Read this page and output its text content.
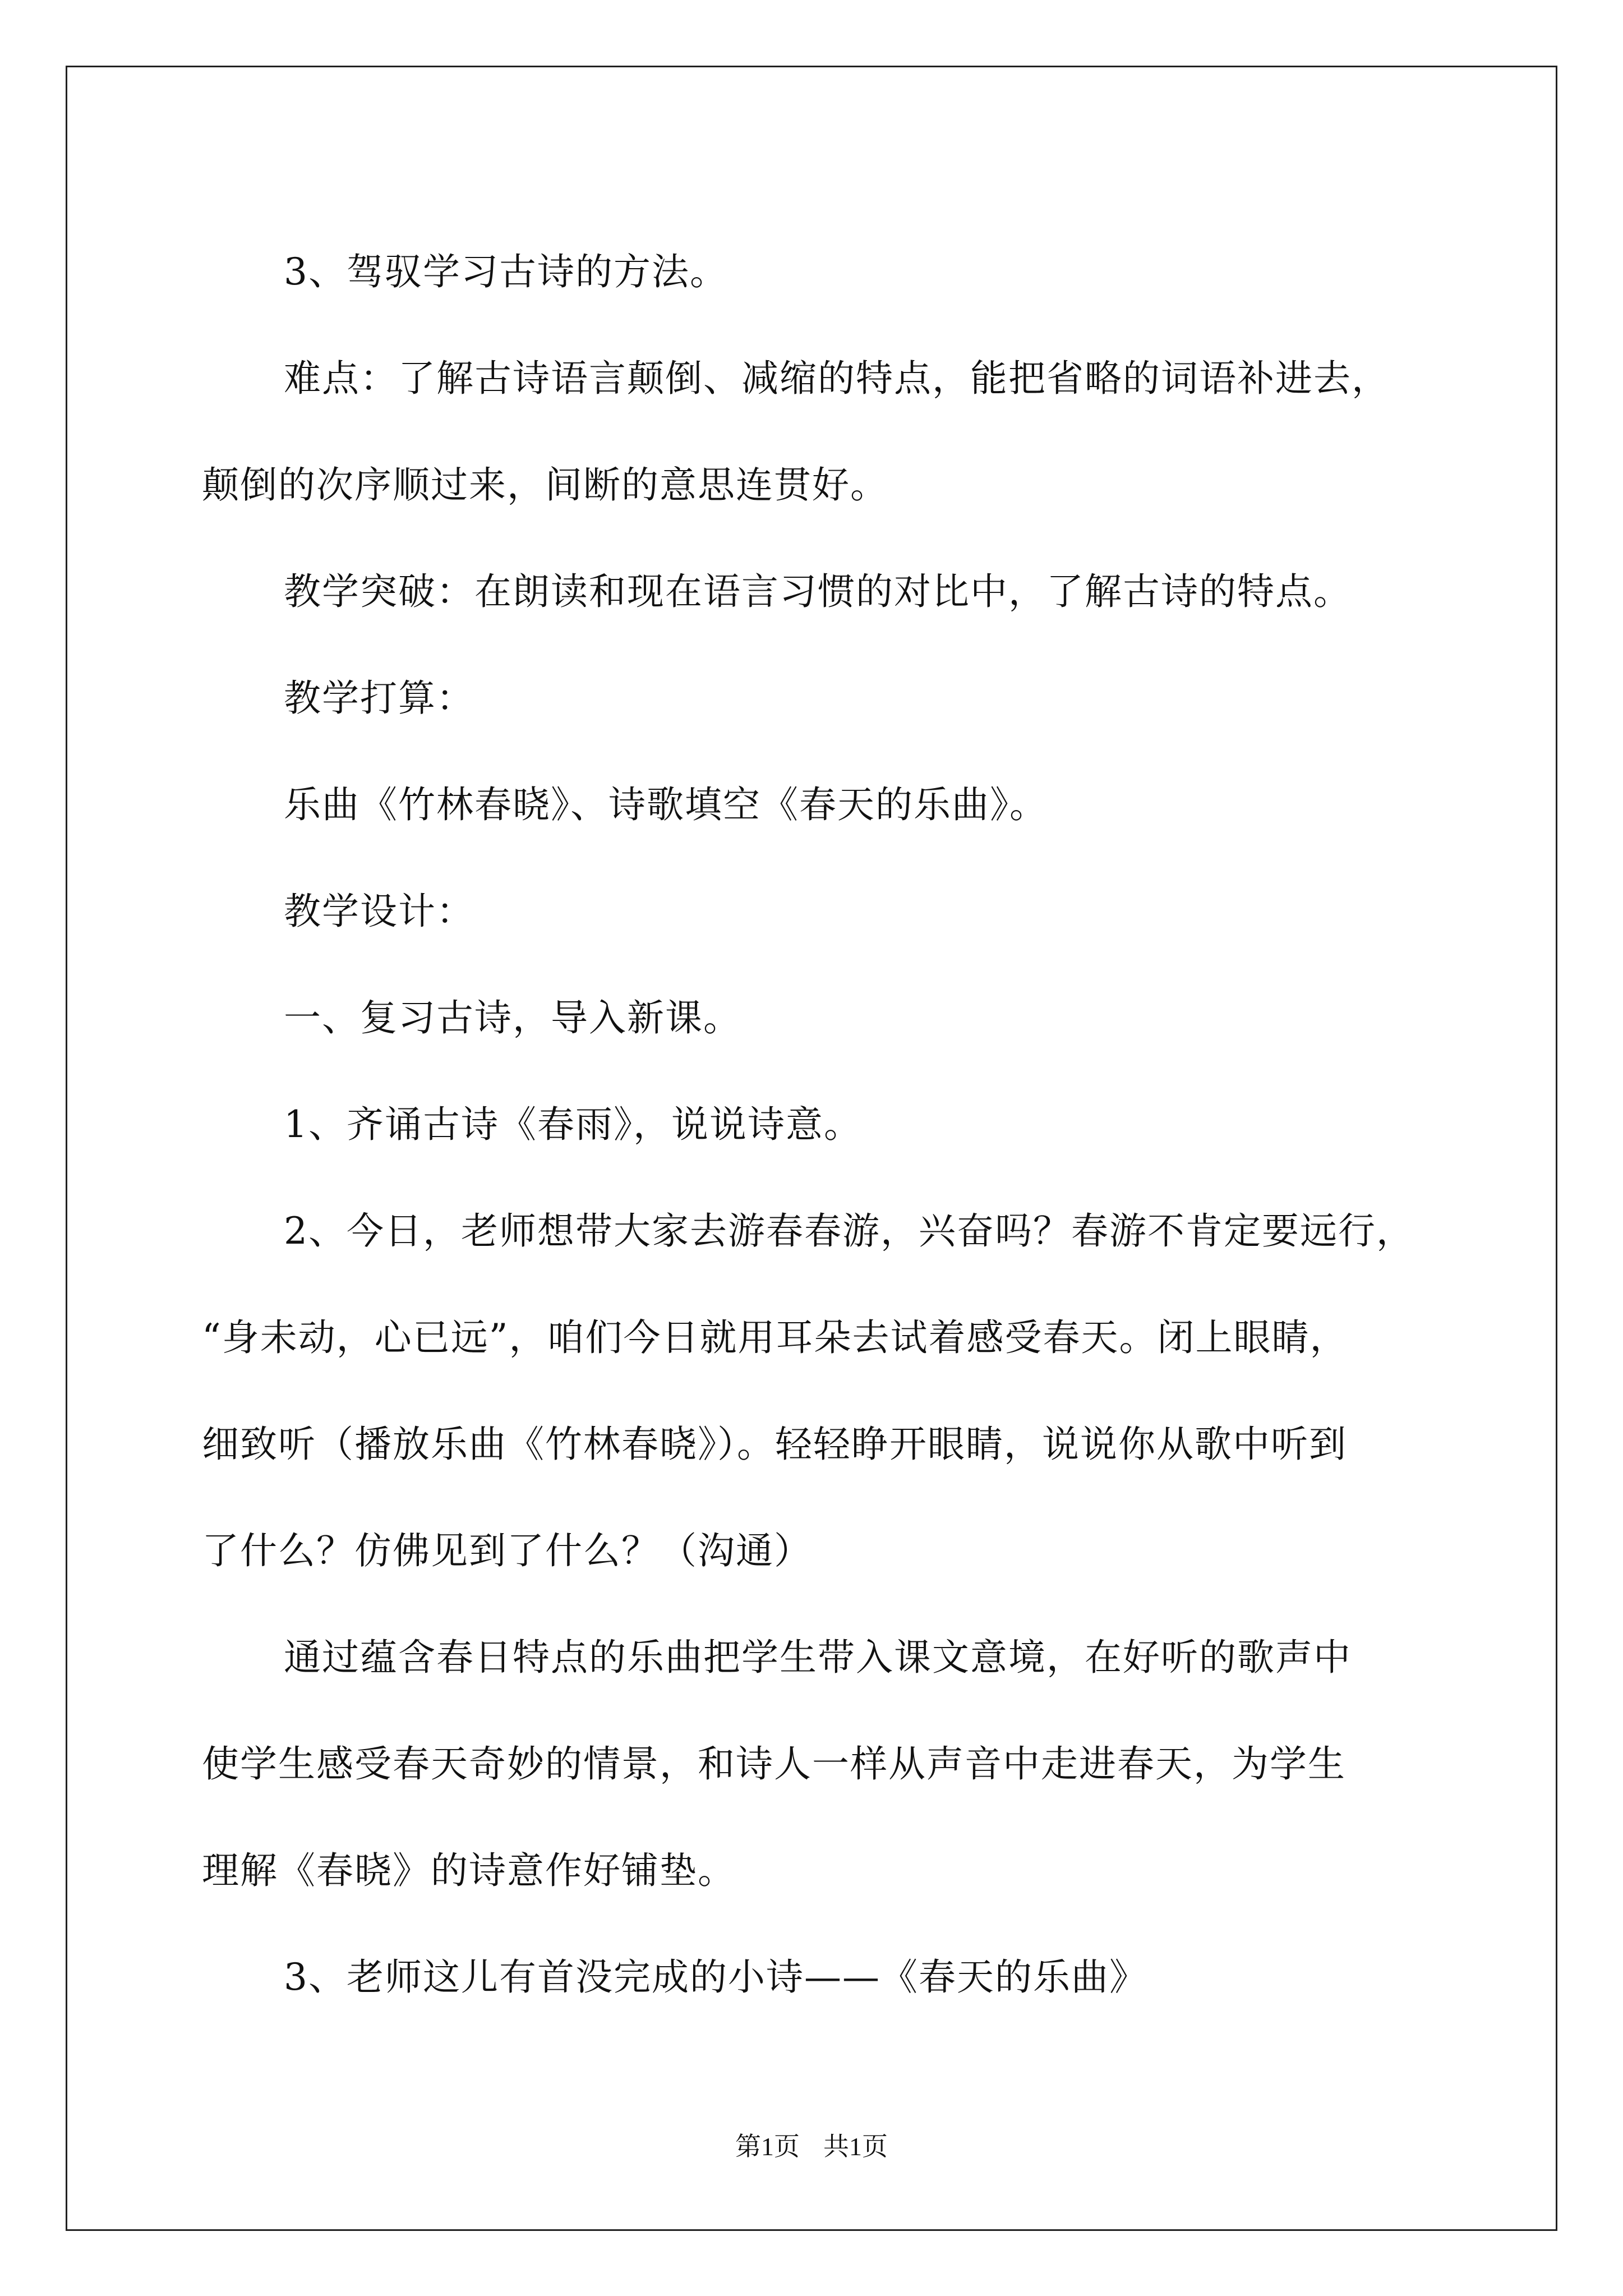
3、驾驭学习古诗的方法。

难点：了解古诗语言颠倒、减缩的特点，能把省略的词语补进去，

颠倒的次序顺过来，间断的意思连贯好。

教学突破：在朗读和现在语言习惯的对比中，了解古诗的特点。

教学打算：

乐曲《竹林春晓》、诗歌填空《春天的乐曲》。

教学设计：

一、复习古诗，导入新课。

1、齐诵古诗《春雨》，说说诗意。

2、今日，老师想带大家去游春春游，兴奋吗？春游不肯定要远行，

“身未动，心已远”，咱们今日就用耳朵去试着感受春天。闭上眼睛，

细致听（播放乐曲《竹林春晓》）。轻轻睁开眼睛，说说你从歌中听到

了什么？仿佛见到了什么？（沟通）

通过蕴含春日特点的乐曲把学生带入课文意境，在好听的歌声中

使学生感受春天奇妙的情景，和诗人一样从声音中走进春天，为学生

理解《春晓》的诗意作好铺垫。

3、老师这儿有首没完成的小诗——《春天的乐曲》

第1页 共1页
